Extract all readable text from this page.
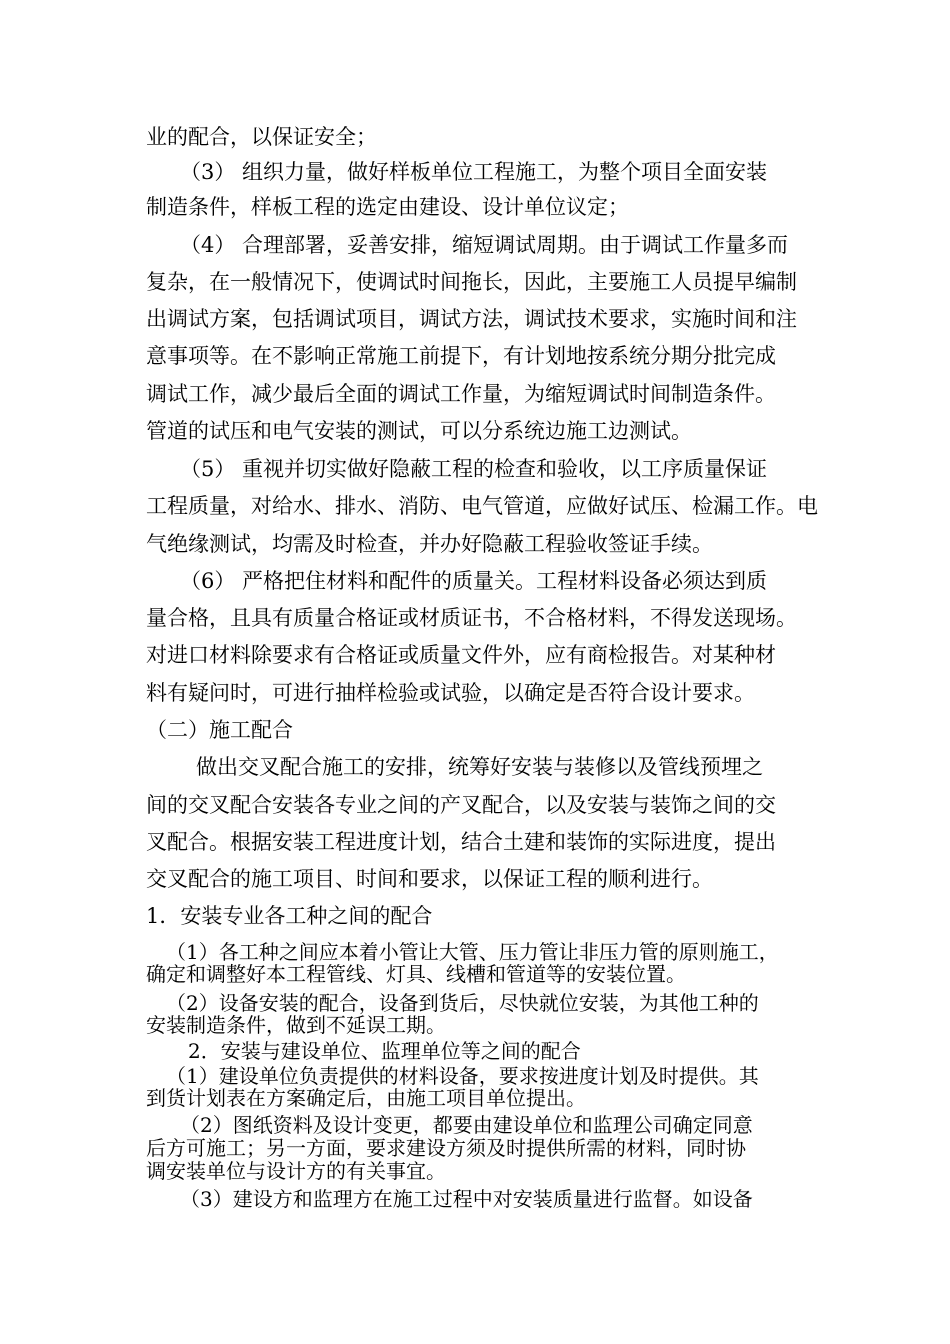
业的配合，以保证安全；
（3） 组织力量，做好样板单位工程施工，为整个项目全面安装
制造条件，样板工程的选定由建设、设计单位议定；
（4） 合理部署，妥善安排，缩短调试周期。由于调试工作量多而
复杂，在一般情况下，使调试时间拖长，因此，主要施工人员提早编制
出调试方案，包括调试项目，调试方法，调试技术要求，实施时间和注
意事项等。在不影响正常施工前提下，有计划地按系统分期分批完成
调试工作，减少最后全面的调试工作量，为缩短调试时间制造条件。
管道的试压和电气安装的测试，可以分系统边施工边测试。
（5） 重视并切实做好隐蔽工程的检查和验收，以工序质量保证
工程质量，对给水、排水、消防、电气管道，应做好试压、检漏工作。电
气绝缘测试，均需及时检查，并办好隐蔽工程验收签证手续。
（6） 严格把住材料和配件的质量关。工程材料设备必须达到质
量合格，且具有质量合格证或材质证书，不合格材料，不得发送现场。
对进口材料除要求有合格证或质量文件外，应有商检报告。对某种材
料有疑问时，可进行抽样检验或试验，以确定是否符合设计要求。
（二）施工配合
做出交叉配合施工的安排，统筹好安装与装修以及管线预埋之
间的交叉配合安装各专业之间的产叉配合，以及安装与装饰之间的交
叉配合。根据安装工程进度计划，结合土建和装饰的实际进度，提出
交叉配合的施工项目、时间和要求，以保证工程的顺利进行。
1．安装专业各工种之间的配合
（1）各工种之间应本着小管让大管、压力管让非压力管的原则施工，
确定和调整好本工程管线、灯具、线槽和管道等的安装位置。
（2）设备安装的配合，设备到货后，尽快就位安装，为其他工种的
安装制造条件，做到不延误工期。
2．安装与建设单位、监理单位等之间的配合
（1）建设单位负责提供的材料设备，要求按进度计划及时提供。其
到货计划表在方案确定后，由施工项目单位提出。
（2）图纸资料及设计变更，都要由建设单位和监理公司确定同意
后方可施工；另一方面，要求建设方须及时提供所需的材料，同时协
调安装单位与设计方的有关事宜。
（3）建设方和监理方在施工过程中对安装质量进行监督。如设备
